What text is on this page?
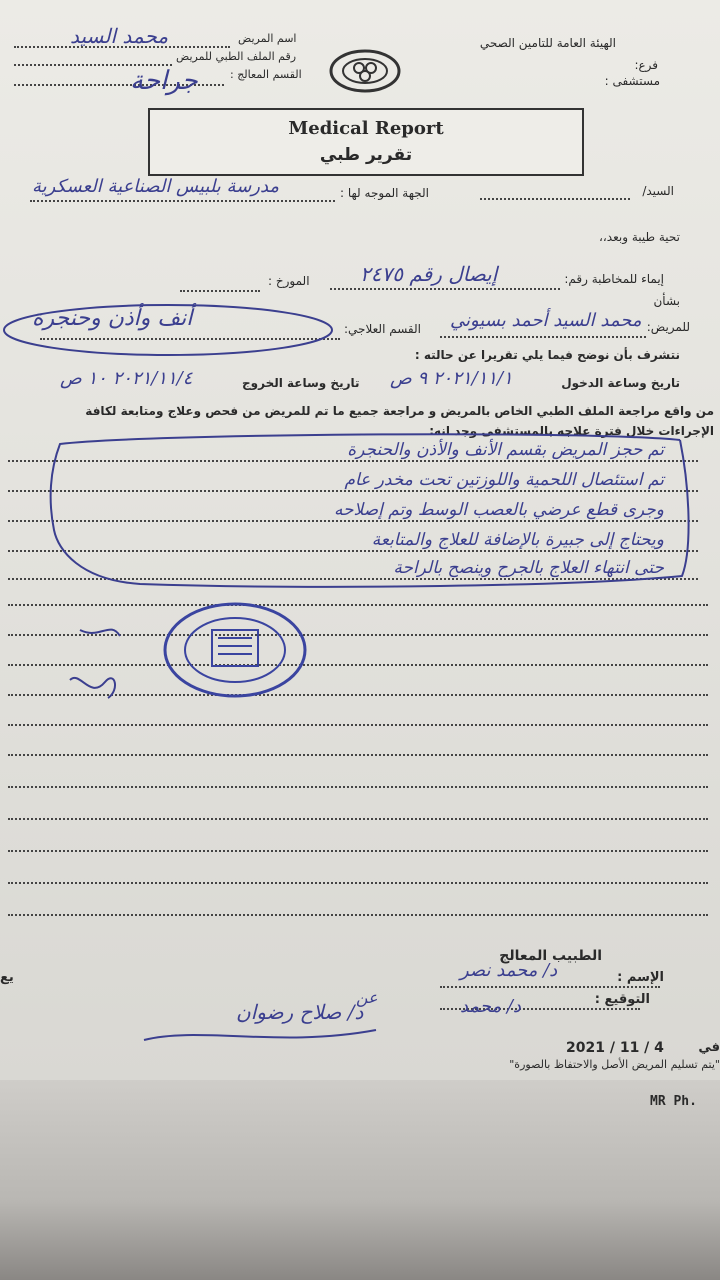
الهيئة العامة للتامين الصحي
فرع:
مستشفى :
اسم المريض
رقم الملف الطبي للمريض
القسم المعالج :
محمد السيد
جراحة
Medical Report
تقرير طبي
السيد/
الجهة الموجه لها :
مدرسة بلبيس الصناعية العسكرية
تحية طيبة وبعد،،
إيماء للمخاطبة رقم:
إيصال رقم ٢٤٧٥
المورخ :
بشأن
للمريض:
محمد السيد أحمد بسيوني
القسم العلاجي:
أنف وأذن وحنجرة
نتشرف بأن نوضح فيما يلي تقريرا عن حالته :
تاريخ وساعة الدخول
٢٠٢١/١١/١ ٩ ص
تاريخ وساعة الخروج
٢٠٢١/١١/٤ ١٠ ص
من واقع مراجعة الملف الطبي الخاص بالمريض و مراجعة جميع ما تم للمريض من فحص وعلاج ومتابعة لكافة
الإجراءات خلال فترة علاجه بالمستشفى وجد انه:
تم حجز المريض بقسم الأنف والأذن والحنجرة
تم استئصال اللحمية واللوزتين تحت مخدر عام
وجرى قطع عرضي بالعصب الوسط وتم إصلاحه
ويحتاج إلى جبيرة بالإضافة للعلاج والمتابعة
حتى انتهاء العلاج بالجرح وينصح بالراحة
الطبيب المعالج
الإسم :
د/ محمد نصر
التوقيع :
د/ محمد
عن
د/ صلاح رضوان
يع
2021 / 11 / 4	في
"يتم تسليم المريض الأصل والاحتفاظ بالصورة"
MR Ph.
